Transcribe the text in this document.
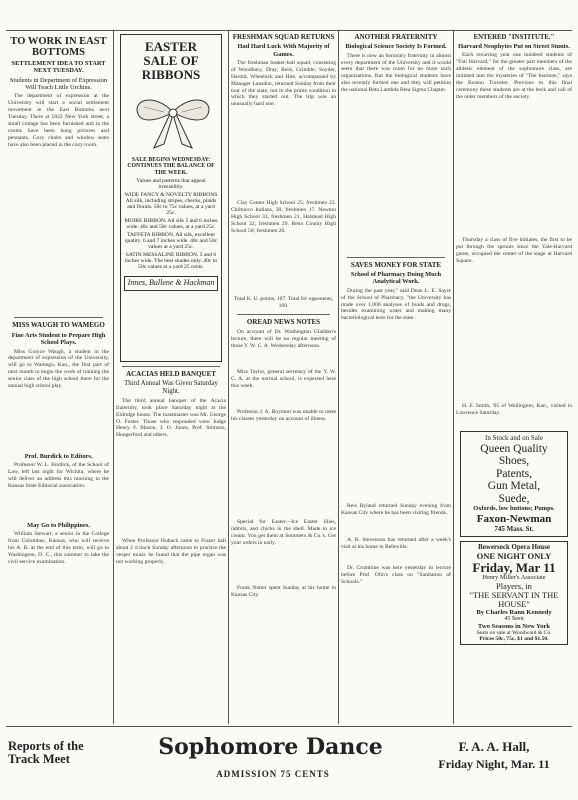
TO WORK IN EAST BOTTOMS
SETTLEMENT IDEA TO START NEXT TUESDAY.
Students in Department of Expression Will Teach Little Urchins.

The department of expression at the University will start a social settlement movement in the East Bottoms next Tuesday. There at 1022 New York street, a small cottage has been furnished and in the rooms have been hung pictures and pennants. Cozy chairs and window seats have also been placed in the cozy room.

MISS WAUGH TO WAMEGO
Fine Arts Student to Prepare High School Plays.

Miss Grayce Waugh, a student in the department of expression of the University, will go to Wamego, Kan., the first part of next month to begin the work of training the senior class of the high school there for the annual high school play.

Prof. Burdick to Editors.

Professor W. L. Burdick, of the School of Law, left last night for Wichita, where he will deliver an address this morning to the Kansas State Editorial association.

May Go to Philippines.

William Stewart, a senior in the College from Columbus, Kansas, who will receive his A. B. at the end of this term, will go to Washington, D. C., this summer to take the civil service examination.

EASTER
SALE OF
RIBBONS
SALE BEGINS WEDNESDAY: CONTINUES THE BALANCE OF THE WEEK.
Values and patterns that appeal irresistibly.
WIDE FANCY & NOVELTY RIBBONS All silk, including stripes, checks, plaids and florals. 50c to 75c values, at a yard 25c.
MOIRE RIBBON. All silk 5 and 6 inches wide. 40c and 50c values, at a yard 25c.
TAFFETA RIBBON. All silk, excellent quality. 6 and 7 inches wide. 40c and 50c values at a yard 25c.
SATIN MESSALINE RIBBON. 5 and 6 inches wide. The best shades only. 40c to 50c values at a yard 25 cents.
Innes, Bullene & Hackman
ACACIAS HELD BANQUET
Third Annual Was Given Saturday Night.

The third annual banquet of the Acacia fraternity, took place Saturday night at the Eldridge house. The toastmaster was Mr. George O. Foster. Those who responded were Judge Henry F. Mason, J. O. Jones, Prof. Stimson, Hungerford and others.

When Professor Hubach came to Frazer hall about 2 o'clock Sunday afternoon to practice the vesper music he found that the pipe organ was not working properly.

FRESHMAN SQUAD RETURNS
Had Hard Luck With Majority of Games.

The freshman basket-ball squad, consisting of Woodbury, Dray, Reid, Grimble, Snyder, Harold, Wheelock and Hite, accompanied by Manager Lansdon, returned Sunday from their tour of the state, not in the prime condition in which they started out. The trip was an unusually hard one.

Clay Center High School 25; freshmen 23. Chiltocco Indians, 30, freshmen 17. Newton High School 33, freshmen 21. Halstead High School 22, freshmen 29. Reno County High School 50; freshmen 20.

Total K. U. points, 107. Total for opponents, 160.

OREAD NEWS NOTES

On account of Dr. Washington Gladden's lecture, there will be no regular meeting of those Y. W. C. A. Wednesday afternoon.

Miss Taylor, general secretary of the Y. W. C. A. at the normal school, is expected here this week.

Professor J. A. Boynton was unable to meet his classes yesterday on account of illness.

Special for Easter—Ice Easter lilies, rabbits, and chicks in the shell. Made in ice cream. You get them at Sommers & Co.'s. Get your orders in early.

Frank Nutter spent Sunday at his home in Kansas City.

ANOTHER FRATERNITY
Biological Science Society Is Formed.

There is now an honorary fraternity in almost every department of the University and it would seem that there was room for no more such organizations. But the biological students have also recently formed one and they will petition the national Beta Lambda Beta Sigma Chapter.

SAVES MONEY FOR STATE
School of Pharmacy Doing Much Analytical Work.

During the past year," said Dean L. E. Sayre of the School of Pharmacy, "the University has made over 1,000 analyses of foods and drugs, besides examining water and making many bacteriological tests for the state.

Reis Ryland returned Sunday evening from Kansas City where he has been visiting friends.

A. R. Stevenson has returned after a week's visit at his home in Belleville.

Dr. Crumbine was here yesterday to lecture before Prof. Olin's class on "Sanitation of Schools."

ENTERED "INSTITUTE."
Harvard Neophytes Put on Street Stunts.

Each recurring year one hundred students of "Fair Harvard," for the greater part members of the athletic element of the sophomore class, are initiated into the mysteries of "The Institute," says the Boston Traveler. Previous to this final ceremony these students are at the beck and call of the older members of the society.

Thursday a class of five initiates, the first to be put through the sprouts since the Yale-Harvard game, occupied the center of the stage at Harvard Square.

H. F. Smith, '05 of Wellington, Kan., visited in Lawrence Saturday.

In Stock and on Sale
Queen Quality
Shoes,
Patents,
Gun Metal,
Suede,
Oxfords, low buttons; Pumps.
Faxon-Newman
745 Mass. St.
Bowersock Opera House
ONE NIGHT ONLY
Friday, Mar 11
Henry Miller's Associate
Players, in
"THE SERVANT IN THE HOUSE"
By Charles Rann Kennedy
45 Seen
Two Seasons in New York
Seats on sale at Woodward & Co.
Prices 50c, 75c, $1 and $1.50.
Reports of the Track Meet	Sophomore Dance
ADMISSION 75 CENTS
F. A. A. Hall,
Friday Night, Mar. 11
